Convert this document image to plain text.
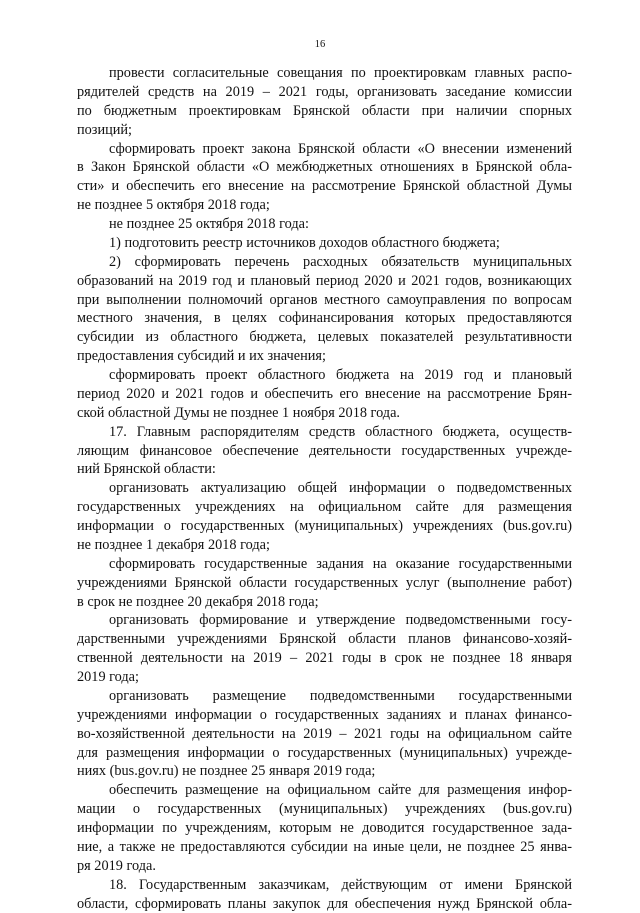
16
провести согласительные совещания по проектировкам главных распо-
рядителей средств на 2019 – 2021 годы, организовать заседание комиссии
по бюджетным проектировкам Брянской области при наличии спорных
позиций;
сформировать проект закона Брянской области «О внесении изменений
в Закон Брянской области «О межбюджетных отношениях в Брянской обла-
сти» и обеспечить его внесение на рассмотрение Брянской областной Думы
не позднее 5 октября 2018 года;
не позднее 25 октября 2018 года:
1) подготовить реестр источников доходов областного бюджета;
2) сформировать перечень расходных обязательств муниципальных
образований на 2019 год и плановый период 2020 и 2021 годов, возникающих
при выполнении полномочий органов местного самоуправления по вопросам
местного значения, в целях софинансирования которых предоставляются
субсидии из областного бюджета, целевых показателей результативности
предоставления субсидий и их значения;
сформировать проект областного бюджета на 2019 год и плановый
период 2020 и 2021 годов и обеспечить его внесение на рассмотрение Брян-
ской областной Думы не позднее 1 ноября 2018 года.
17. Главным распорядителям средств областного бюджета, осуществ-
ляющим финансовое обеспечение деятельности государственных учрежде-
ний Брянской области:
организовать актуализацию общей информации о подведомственных
государственных учреждениях на официальном сайте для размещения
информации о государственных (муниципальных) учреждениях (bus.gov.ru)
не позднее 1 декабря 2018 года;
сформировать государственные задания на оказание государственными
учреждениями Брянской области государственных услуг (выполнение работ)
в срок не позднее 20 декабря 2018 года;
организовать формирование и утверждение подведомственными госу-
дарственными учреждениями Брянской области планов финансово-хозяй-
ственной деятельности на 2019 – 2021 годы в срок не позднее 18 января
2019 года;
организовать размещение подведомственными государственными
учреждениями информации о государственных заданиях и планах финансо-
во-хозяйственной деятельности на 2019 – 2021 годы на официальном сайте
для размещения информации о государственных (муниципальных) учрежде-
ниях (bus.gov.ru) не позднее 25 января 2019 года;
обеспечить размещение на официальном сайте для размещения инфор-
мации о государственных (муниципальных) учреждениях (bus.gov.ru)
информации по учреждениям, которым не доводится государственное зада-
ние, а также не предоставляются субсидии на иные цели, не позднее 25 янва-
ря 2019 года.
18. Государственным заказчикам, действующим от имени Брянской
области, сформировать планы закупок для обеспечения нужд Брянской обла-
